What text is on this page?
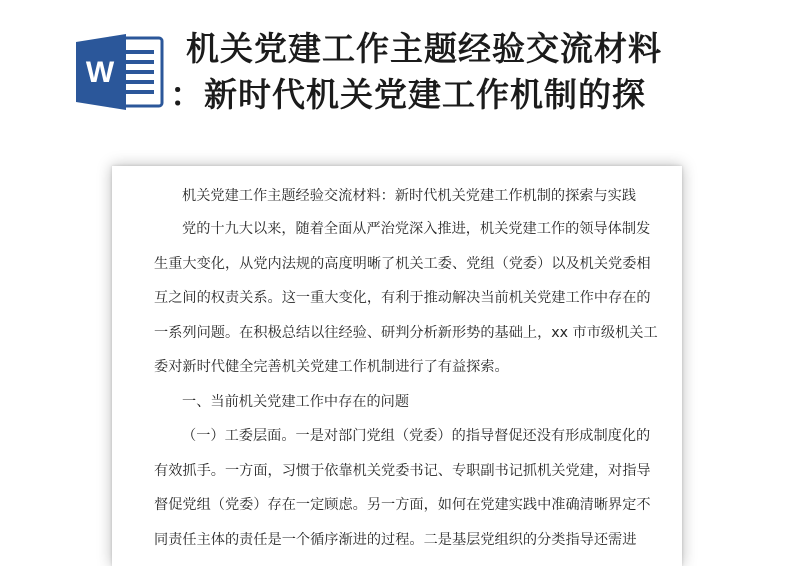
W
机关党建工作主题经验交流材料
：新时代机关党建工作机制的探
机关党建工作主题经验交流材料：新时代机关党建工作机制的探索与实践
党的十九大以来，随着全面从严治党深入推进，机关党建工作的领导体制发
生重大变化，从党内法规的高度明晰了机关工委、党组（党委）以及机关党委相
互之间的权责关系。这一重大变化，有利于推动解决当前机关党建工作中存在的
一系列问题。在积极总结以往经验、研判分析新形势的基础上，xx 市市级机关工
委对新时代健全完善机关党建工作机制进行了有益探索。
一、当前机关党建工作中存在的问题
（一）工委层面。一是对部门党组（党委）的指导督促还没有形成制度化的
有效抓手。一方面，习惯于依靠机关党委书记、专职副书记抓机关党建，对指导
督促党组（党委）存在一定顾虑。另一方面，如何在党建实践中准确清晰界定不
同责任主体的责任是一个循序渐进的过程。二是基层党组织的分类指导还需进
